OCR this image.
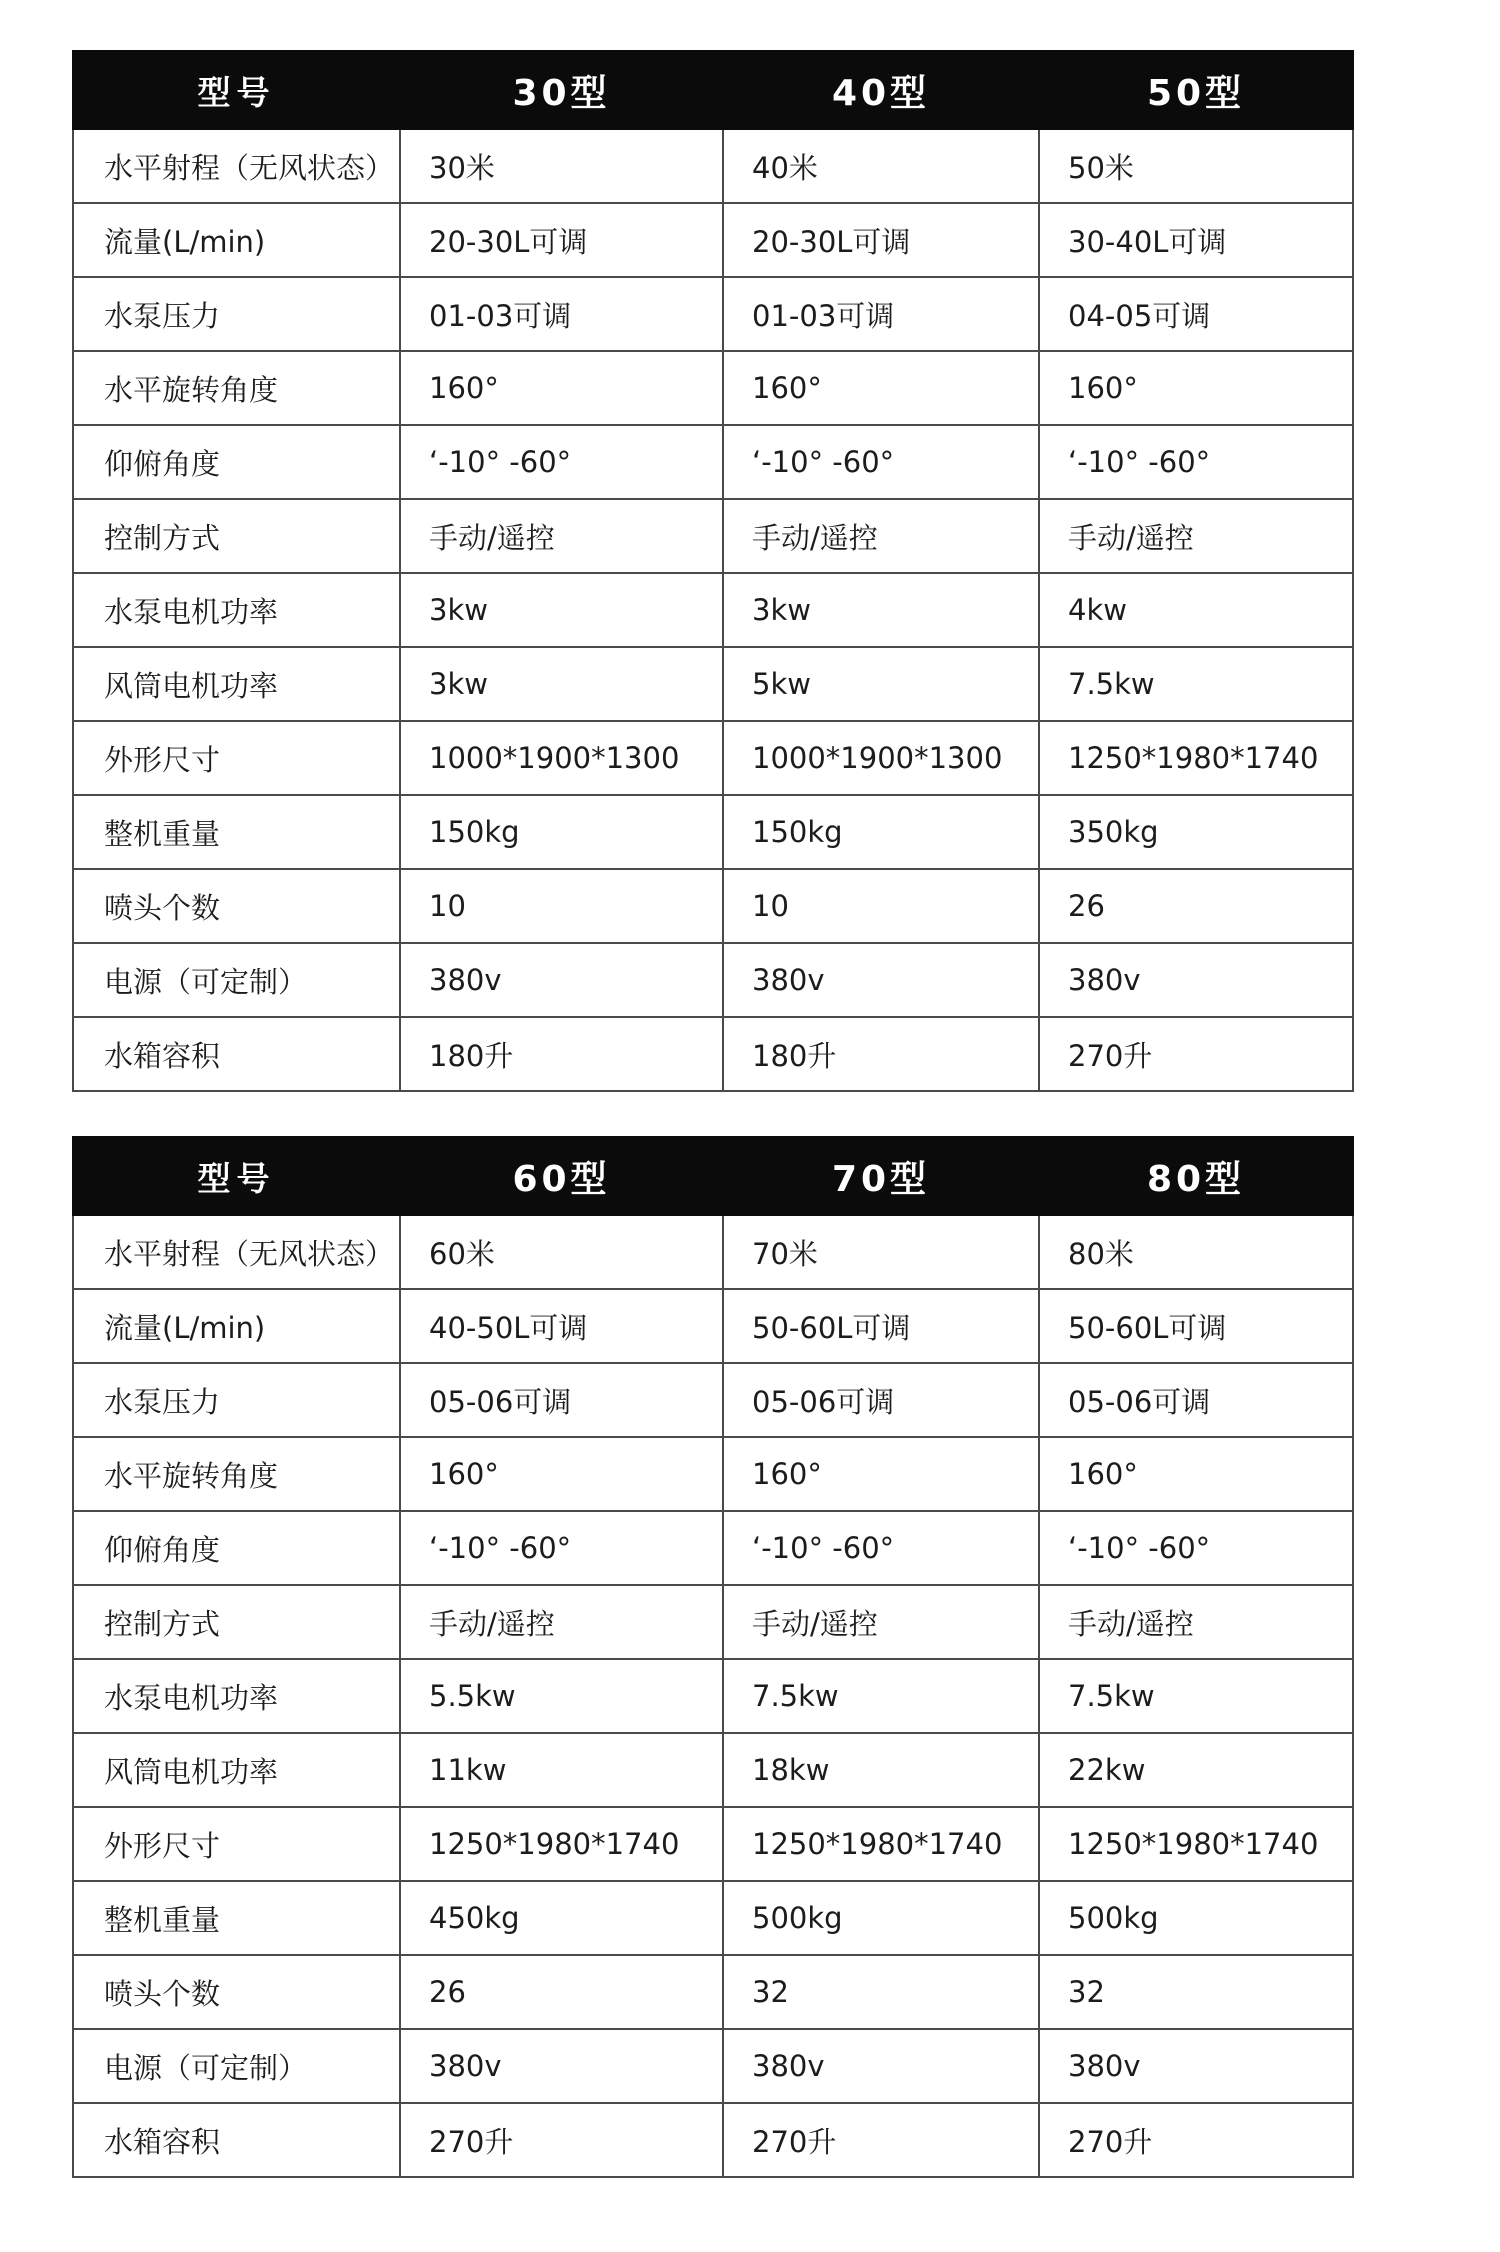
型号	30型	40型	50型
水平射程（无风状态）	30米	40米	50米
流量(L/min)	20-30L可调	20-30L可调	30-40L可调
水泵压力	01-03可调	01-03可调	04-05可调
水平旋转角度	160°	160°	160°
仰俯角度	‘-10° -60°	‘-10° -60°	‘-10° -60°
控制方式	手动/遥控	手动/遥控	手动/遥控
水泵电机功率	3kw	3kw	4kw
风筒电机功率	3kw	5kw	7.5kw
外形尺寸	1000*1900*1300	1000*1900*1300	1250*1980*1740
整机重量	150kg	150kg	350kg
喷头个数	10	10	26
电源（可定制）	380v	380v	380v
水箱容积	180升	180升	270升
型号	60型	70型	80型
水平射程（无风状态）	60米	70米	80米
流量(L/min)	40-50L可调	50-60L可调	50-60L可调
水泵压力	05-06可调	05-06可调	05-06可调
水平旋转角度	160°	160°	160°
仰俯角度	‘-10° -60°	‘-10° -60°	‘-10° -60°
控制方式	手动/遥控	手动/遥控	手动/遥控
水泵电机功率	5.5kw	7.5kw	7.5kw
风筒电机功率	11kw	18kw	22kw
外形尺寸	1250*1980*1740	1250*1980*1740	1250*1980*1740
整机重量	450kg	500kg	500kg
喷头个数	26	32	32
电源（可定制）	380v	380v	380v
水箱容积	270升	270升	270升
